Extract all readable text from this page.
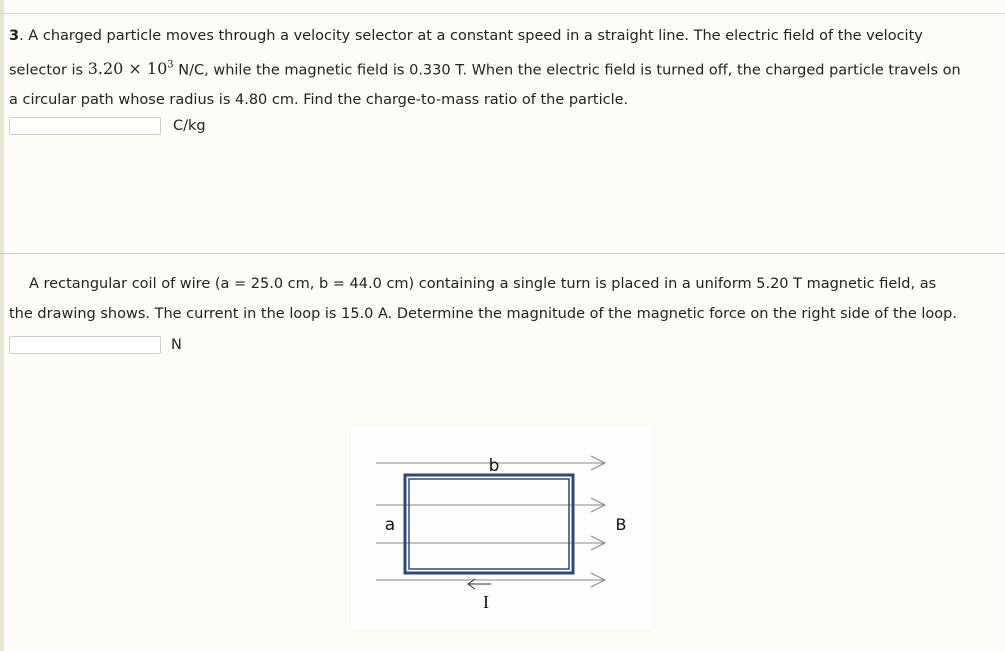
3. A charged particle moves through a velocity selector at a constant speed in a straight line. The electric field of the velocity
selector is $3.20 \times 10^3$ N/C, while the magnetic field is 0.330 T. When the electric field is turned off, the charged particle travels on
a circular path whose radius is 4.80 cm. Find the charge-to-mass ratio of the particle.
C/kg
A rectangular coil of wire (a = 25.0 cm, b = 44.0 cm) containing a single turn is placed in a uniform 5.20 T magnetic field, as
the drawing shows. The current in the loop is 15.0 A. Determine the magnitude of the magnetic force on the right side of the loop.
N
b
a	B
I
